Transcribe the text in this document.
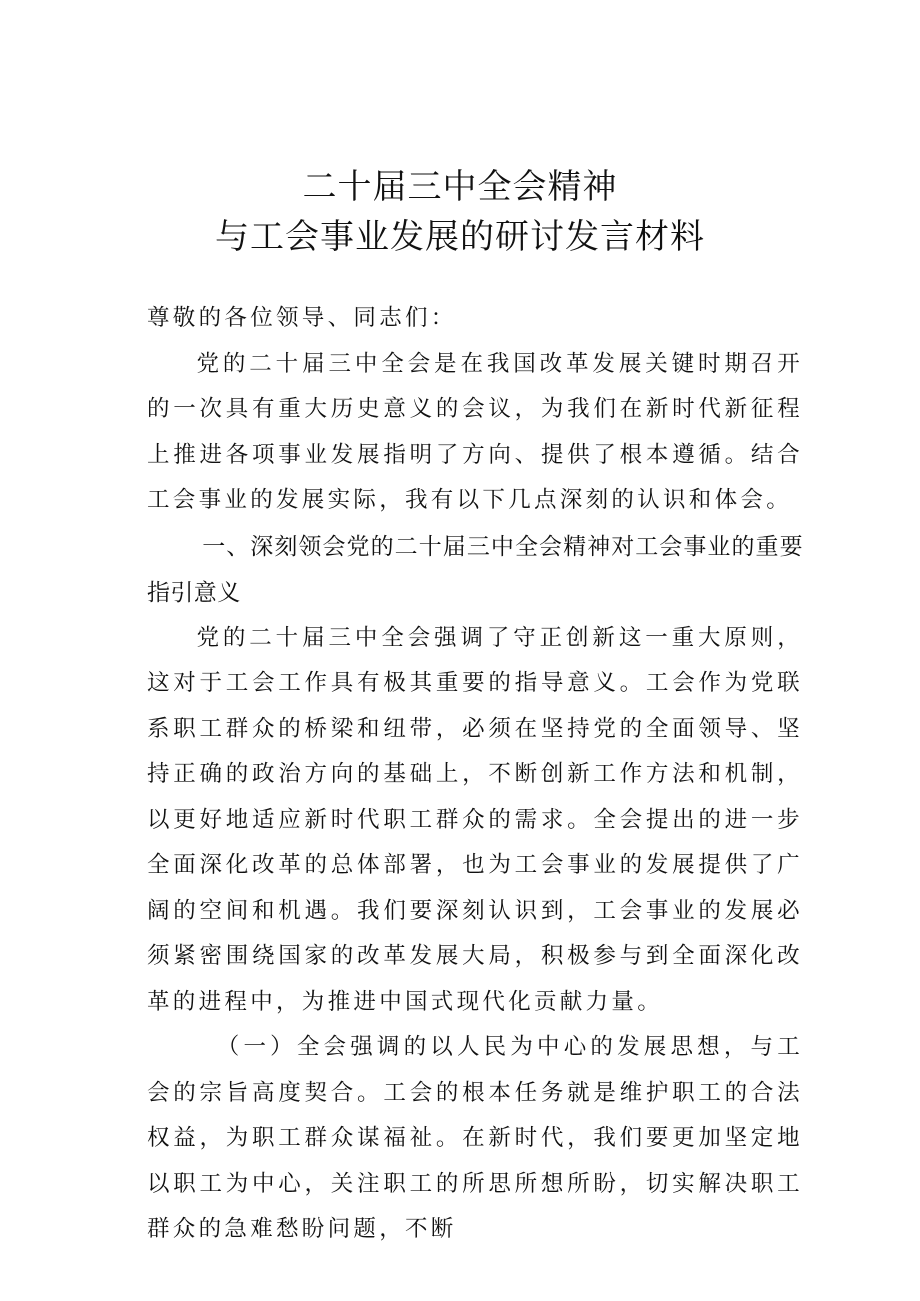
二十届三中全会精神
与工会事业发展的研讨发言材料

尊敬的各位领导、同志们：

党的二十届三中全会是在我国改革发展关键时期召开的一次具有重大历史意义的会议，为我们在新时代新征程上推进各项事业发展指明了方向、提供了根本遵循。结合工会事业的发展实际，我有以下几点深刻的认识和体会。

一、深刻领会党的二十届三中全会精神对工会事业的重要指引意义

党的二十届三中全会强调了守正创新这一重大原则，这对于工会工作具有极其重要的指导意义。工会作为党联系职工群众的桥梁和纽带，必须在坚持党的全面领导、坚持正确的政治方向的基础上，不断创新工作方法和机制，以更好地适应新时代职工群众的需求。全会提出的进一步全面深化改革的总体部署，也为工会事业的发展提供了广阔的空间和机遇。我们要深刻认识到，工会事业的发展必须紧密围绕国家的改革发展大局，积极参与到全面深化改革的进程中，为推进中国式现代化贡献力量。

（一）全会强调的以人民为中心的发展思想，与工会的宗旨高度契合。工会的根本任务就是维护职工的合法权益，为职工群众谋福祉。在新时代，我们要更加坚定地以职工为中心，关注职工的所思所想所盼，切实解决职工群众的急难愁盼问题，不断
